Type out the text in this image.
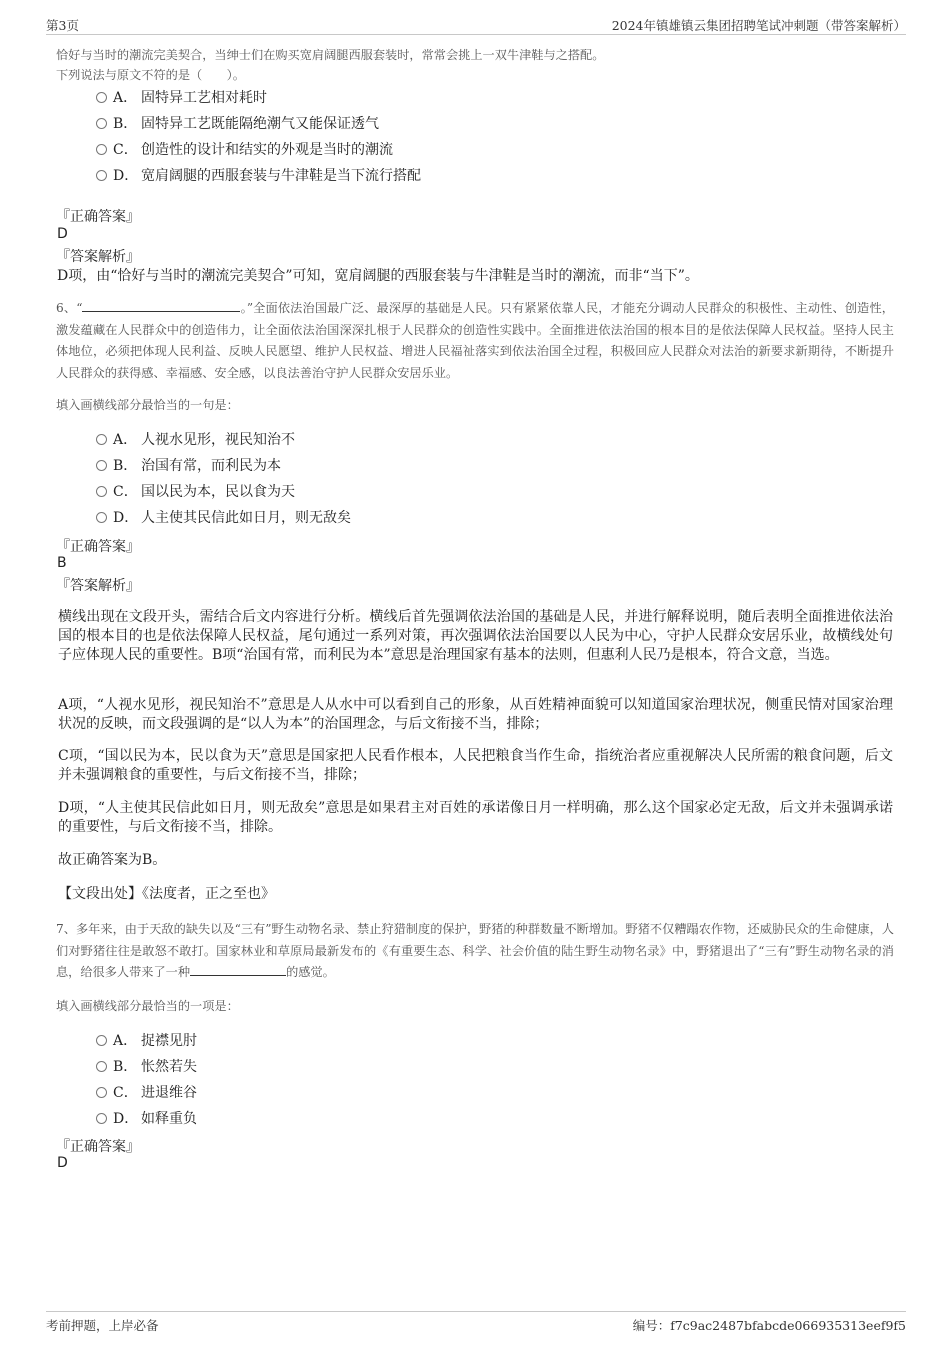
第3页	2024年镇雄镇云集团招聘笔试冲刺题（带答案解析）
恰好与当时的潮流完美契合，当绅士们在购买宽肩阔腿西服套装时，常常会挑上一双牛津鞋与之搭配。
下列说法与原文不符的是（　　）。
A． 固特异工艺相对耗时
B． 固特异工艺既能隔绝潮气又能保证透气
C． 创造性的设计和结实的外观是当时的潮流
D． 宽肩阔腿的西服套装与牛津鞋是当下流行搭配
『正确答案』
D
『答案解析』
D项，由“恰好与当时的潮流完美契合”可知，宽肩阔腿的西服套装与牛津鞋是当时的潮流，而非“当下”。
6、“	。”全面依法治国最广泛、最深厚的基础是人民。只有紧紧依靠人民，才能充分调动人民群众的积极性、主动性、创造性，激发蕴藏在人民群众中的创造伟力，让全面依法治国深深扎根于人民群众的创造性实践中。全面推进依法治国的根本目的是依法保障人民权益。坚持人民主体地位，必须把体现人民利益、反映人民愿望、维护人民权益、增进人民福祉落实到依法治国全过程，积极回应人民群众对法治的新要求新期待，不断提升人民群众的获得感、幸福感、安全感，以良法善治守护人民群众安居乐业。
填入画横线部分最恰当的一句是：
A． 人视水见形，视民知治不
B． 治国有常，而利民为本
C． 国以民为本，民以食为天
D． 人主使其民信此如日月，则无敌矣
『正确答案』
B
『答案解析』
横线出现在文段开头，需结合后文内容进行分析。横线后首先强调依法治国的基础是人民，并进行解释说明，随后表明全面推进依法治国的根本目的也是依法保障人民权益，尾句通过一系列对策，再次强调依法治国要以人民为中心，守护人民群众安居乐业，故横线处句子应体现人民的重要性。B项“治国有常，而利民为本”意思是治理国家有基本的法则，但惠利人民乃是根本，符合文意，当选。
A项，“人视水见形，视民知治不”意思是人从水中可以看到自己的形象，从百姓精神面貌可以知道国家治理状况，侧重民情对国家治理状况的反映，而文段强调的是“以人为本”的治国理念，与后文衔接不当，排除；
C项，“国以民为本，民以食为天”意思是国家把人民看作根本，人民把粮食当作生命，指统治者应重视解决人民所需的粮食问题，后文并未强调粮食的重要性，与后文衔接不当，排除；
D项，“人主使其民信此如日月，则无敌矣”意思是如果君主对百姓的承诺像日月一样明确，那么这个国家必定无敌，后文并未强调承诺的重要性，与后文衔接不当，排除。
故正确答案为B。
【文段出处】《法度者，正之至也》
7、多年来，由于天敌的缺失以及“三有”野生动物名录、禁止狩猎制度的保护，野猪的种群数量不断增加。野猪不仅糟蹋农作物，还威胁民众的生命健康，人们对野猪往往是敢怒不敢打。国家林业和草原局最新发布的《有重要生态、科学、社会价值的陆生野生动物名录》中，野猪退出了“三有”野生动物名录的消息，给很多人带来了一种	的感觉。
填入画横线部分最恰当的一项是：
A． 捉襟见肘
B． 怅然若失
C． 进退维谷
D． 如释重负
『正确答案』
D
考前押题，上岸必备	编号：f7c9ac2487bfabcde066935313eef9f5
